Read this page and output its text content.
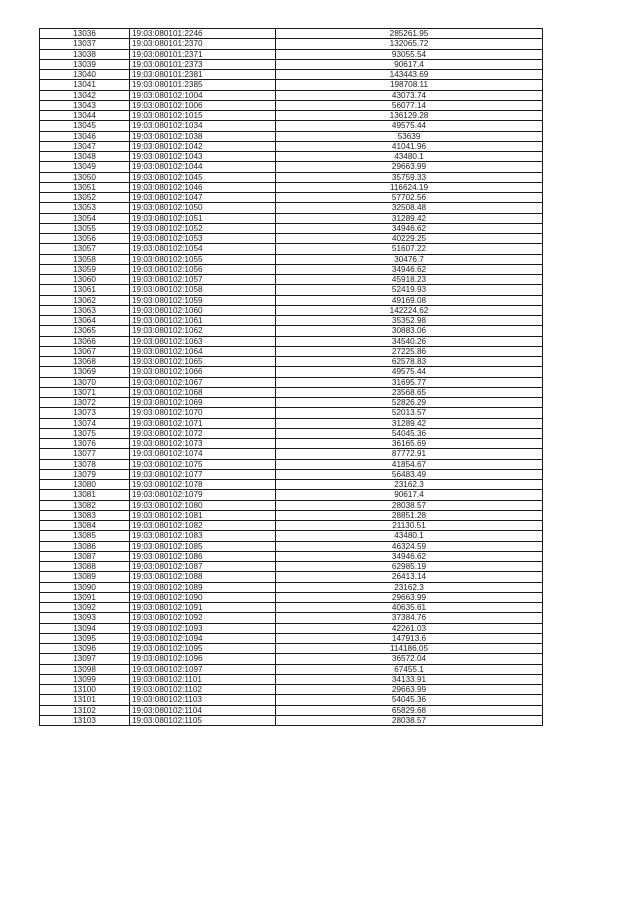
13036	19:03:080101:2246	285261.95
13037	19:03:080101:2370	132065.72
13038	19:03:080101:2371	93055.54
13039	19:03:080101:2373	90617.4
13040	19:03:080101:2381	143443.69
13041	19:03:080101:2385	198708.11
13042	19:03:080102:1004	43073.74
13043	19:03:080102:1006	56077.14
13044	19:03:080102:1015	136129.28
13045	19:03:080102:1034	49575.44
13046	19:03:080102:1038	53639
13047	19:03:080102:1042	41041.96
13048	19:03:080102:1043	43480.1
13049	19:03:080102:1044	29663.99
13050	19:03:080102:1045	35759.33
13051	19:03:080102:1046	116624.19
13052	19:03:080102:1047	57702.56
13053	19:03:080102:1050	32508.48
13054	19:03:080102:1051	31289.42
13055	19:03:080102:1052	34946.62
13056	19:03:080102:1053	40229.25
13057	19:03:080102:1054	51607.22
13058	19:03:080102:1055	30476.7
13059	19:03:080102:1056	34946.62
13060	19:03:080102:1057	45918.23
13061	19:03:080102:1058	52419.93
13062	19:03:080102:1059	49169.08
13063	19:03:080102:1060	142224.62
13064	19:03:080102:1061	35352.98
13065	19:03:080102:1062	30883.06
13066	19:03:080102:1063	34540.26
13067	19:03:080102:1064	27225.86
13068	19:03:080102:1065	62578.83
13069	19:03:080102:1066	49575.44
13070	19:03:080102:1067	31695.77
13071	19:03:080102:1068	23568.65
13072	19:03:080102:1069	52826.29
13073	19:03:080102:1070	52013.57
13074	19:03:080102:1071	31289.42
13075	19:03:080102:1072	54045.36
13076	19:03:080102:1073	36165.69
13077	19:03:080102:1074	87772.91
13078	19:03:080102:1075	41854.67
13079	19:03:080102:1077	56483.49
13080	19:03:080102:1078	23162.3
13081	19:03:080102:1079	90617.4
13082	19:03:080102:1080	28038.57
13083	19:03:080102:1081	28851.28
13084	19:03:080102:1082	21130.51
13085	19:03:080102:1083	43480.1
13086	19:03:080102:1085	46324.59
13087	19:03:080102:1086	34946.62
13088	19:03:080102:1087	62985.19
13089	19:03:080102:1088	26413.14
13090	19:03:080102:1089	23162.3
13091	19:03:080102:1090	29663.99
13092	19:03:080102:1091	40635.61
13093	19:03:080102:1092	37384.76
13094	19:03:080102:1093	42261.03
13095	19:03:080102:1094	147913.6
13096	19:03:080102:1095	114186.05
13097	19:03:080102:1096	36572.04
13098	19:03:080102:1097	67455.1
13099	19:03:080102:1101	34133.91
13100	19:03:080102:1102	29663.99
13101	19:03:080102:1103	54045.36
13102	19:03:080102:1104	65829.68
13103	19:03:080102:1105	28038.57
